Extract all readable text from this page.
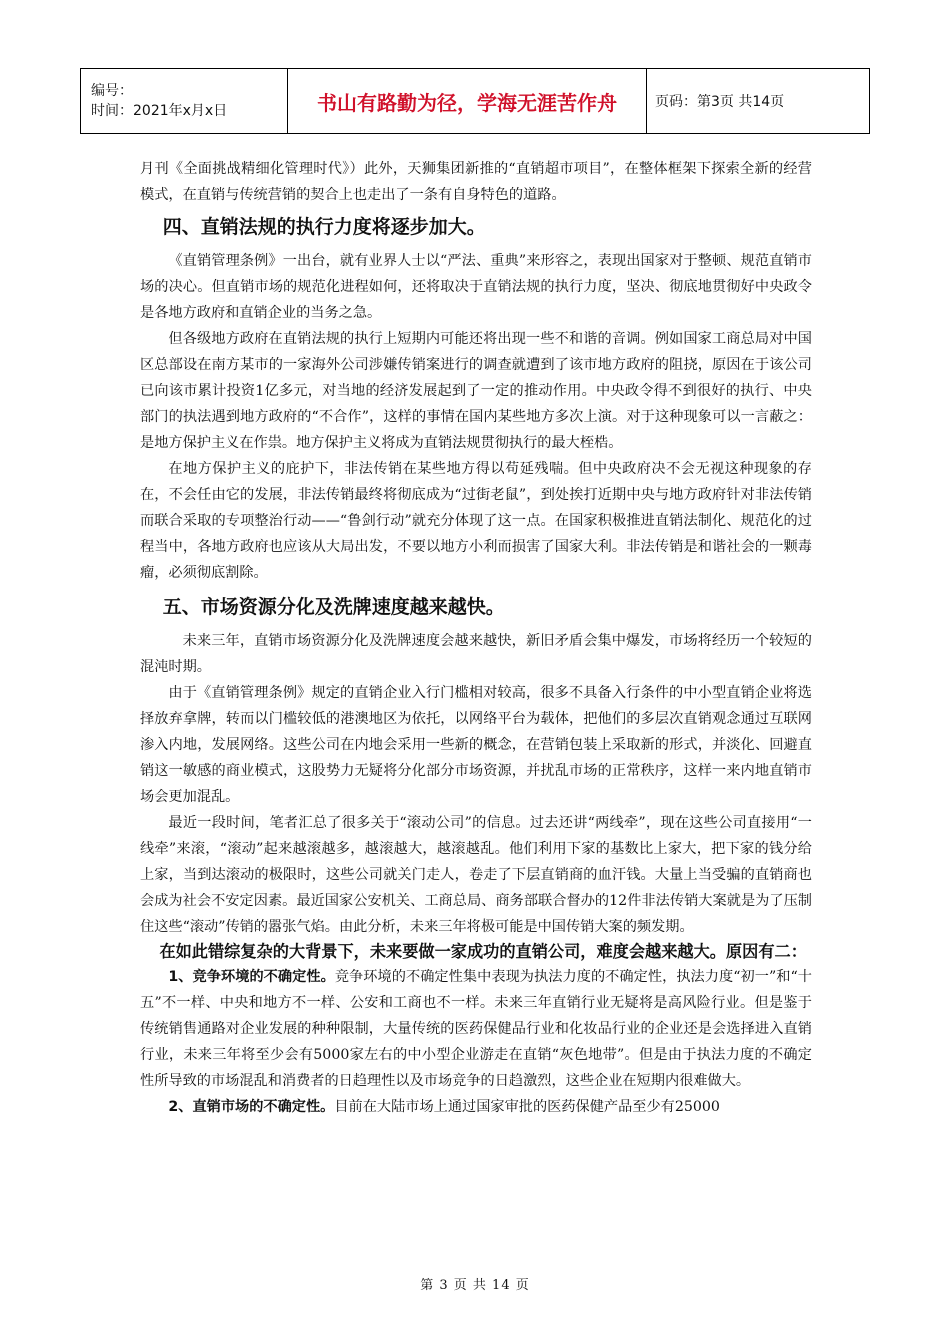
编号：
时间：2021年x月x日	书山有路勤为径，学海无涯苦作舟	页码：第3页 共14页

月刊《全面挑战精细化管理时代》）此外，天狮集团新推的“直销超市项目”，在整体框架下探索全新的经营模式，在直销与传统营销的契合上也走出了一条有自身特色的道路。

四、直销法规的执行力度将逐步加大。

《直销管理条例》一出台，就有业界人士以“严法、重典”来形容之，表现出国家对于整顿、规范直销市场的决心。但直销市场的规范化进程如何，还将取决于直销法规的执行力度，坚决、彻底地贯彻好中央政令是各地方政府和直销企业的当务之急。

但各级地方政府在直销法规的执行上短期内可能还将出现一些不和谐的音调。例如国家工商总局对中国区总部设在南方某市的一家海外公司涉嫌传销案进行的调查就遭到了该市地方政府的阻挠，原因在于该公司已向该市累计投资1亿多元，对当地的经济发展起到了一定的推动作用。中央政令得不到很好的执行、中央部门的执法遇到地方政府的“不合作”，这样的事情在国内某些地方多次上演。对于这种现象可以一言蔽之：是地方保护主义在作祟。地方保护主义将成为直销法规贯彻执行的最大桎梏。

在地方保护主义的庇护下，非法传销在某些地方得以苟延残喘。但中央政府决不会无视这种现象的存在，不会任由它的发展，非法传销最终将彻底成为“过街老鼠”，到处挨打近期中央与地方政府针对非法传销而联合采取的专项整治行动——“鲁剑行动”就充分体现了这一点。在国家积极推进直销法制化、规范化的过程当中，各地方政府也应该从大局出发，不要以地方小利而损害了国家大利。非法传销是和谐社会的一颗毒瘤，必须彻底割除。

五、市场资源分化及洗牌速度越来越快。

未来三年，直销市场资源分化及洗牌速度会越来越快，新旧矛盾会集中爆发，市场将经历一个较短的混沌时期。

由于《直销管理条例》规定的直销企业入行门槛相对较高，很多不具备入行条件的中小型直销企业将选择放弃拿牌，转而以门槛较低的港澳地区为依托，以网络平台为载体，把他们的多层次直销观念通过互联网渗入内地，发展网络。这些公司在内地会采用一些新的概念，在营销包装上采取新的形式，并淡化、回避直销这一敏感的商业模式，这股势力无疑将分化部分市场资源，并扰乱市场的正常秩序，这样一来内地直销市场会更加混乱。

最近一段时间，笔者汇总了很多关于“滚动公司”的信息。过去还讲“两线牵”，现在这些公司直接用“一线牵”来滚，“滚动”起来越滚越多，越滚越大，越滚越乱。他们利用下家的基数比上家大，把下家的钱分给上家，当到达滚动的极限时，这些公司就关门走人，卷走了下层直销商的血汗钱。大量上当受骗的直销商也会成为社会不安定因素。最近国家公安机关、工商总局、商务部联合督办的12件非法传销大案就是为了压制住这些“滚动”传销的嚣张气焰。由此分析，未来三年将极可能是中国传销大案的频发期。

在如此错综复杂的大背景下，未来要做一家成功的直销公司，难度会越来越大。原因有二：

1、竞争环境的不确定性。竞争环境的不确定性集中表现为执法力度的不确定性，执法力度“初一”和“十五”不一样、中央和地方不一样、公安和工商也不一样。未来三年直销行业无疑将是高风险行业。但是鉴于传统销售通路对企业发展的种种限制，大量传统的医药保健品行业和化妆品行业的企业还是会选择进入直销行业，未来三年将至少会有5000家左右的中小型企业游走在直销“灰色地带”。但是由于执法力度的不确定性所导致的市场混乱和消费者的日趋理性以及市场竞争的日趋激烈，这些企业在短期内很难做大。

2、直销市场的不确定性。目前在大陆市场上通过国家审批的医药保健产品至少有25000

第 3 页 共 14 页
